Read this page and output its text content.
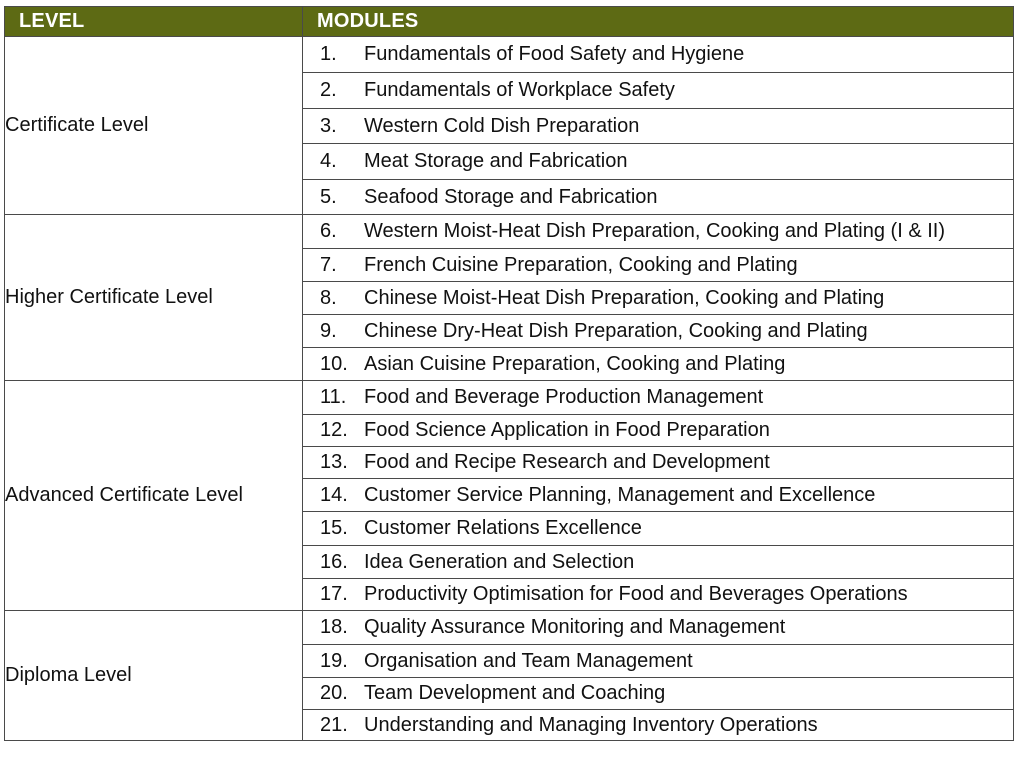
LEVEL	MODULES
Certificate Level	1. Fundamentals of Food Safety and Hygiene
	2. Fundamentals of Workplace Safety
	3. Western Cold Dish Preparation
	4. Meat Storage and Fabrication
	5. Seafood Storage and Fabrication
Higher Certificate Level	6. Western Moist-Heat Dish Preparation, Cooking and Plating (I & II)
	7. French Cuisine Preparation, Cooking and Plating
	8. Chinese Moist-Heat Dish Preparation, Cooking and Plating
	9. Chinese Dry-Heat Dish Preparation, Cooking and Plating
	10. Asian Cuisine Preparation, Cooking and Plating
Advanced Certificate Level	11. Food and Beverage Production Management
	12. Food Science Application in Food Preparation
	13. Food and Recipe Research and Development
	14. Customer Service Planning, Management and Excellence
	15. Customer Relations Excellence
	16. Idea Generation and Selection
	17. Productivity Optimisation for Food and Beverages Operations
Diploma Level	18. Quality Assurance Monitoring and Management
	19. Organisation and Team Management
	20. Team Development and Coaching
	21. Understanding and Managing Inventory Operations
